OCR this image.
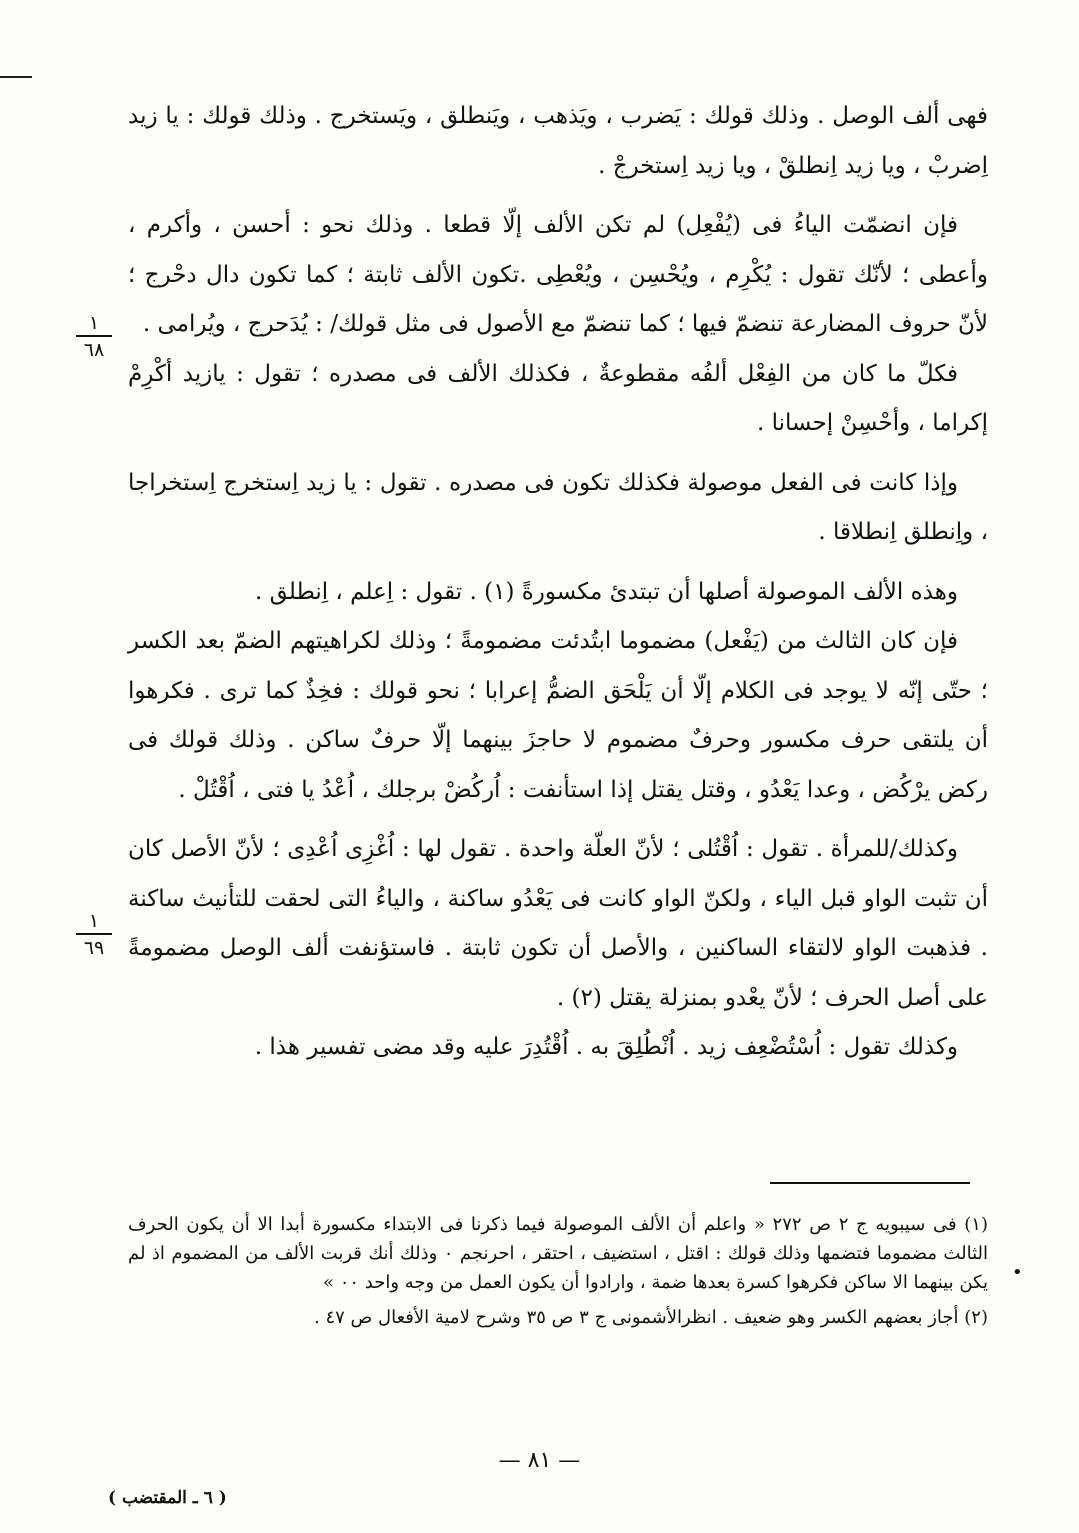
فهى ألف الوصل . وذلك قولك : يَضرب ، ويَذهب ، ويَنطلق ، ويَستخرج . وذلك قولك : يا زيد اِضربْ ، ويا زيد اِنطلقْ ، ويا زيد اِستخرجْ .

فإن انضمّت الياءُ فى (يُفْعِل) لم تكن الألف إلّا قطعا . وذلك نحو : أحسن ، وأكرم ، وأعطى ؛ لأنّك تقول : يُكْرِم ، ويُحْسِن ، ويُعْطِى .تكون الألف ثابتة ؛ كما تكون دال دحْرج ؛ لأنّ حروف المضارعة تنضمّ فيها ؛ كما تنضمّ مع الأصول فى مثل قولك/ : يُدَحرج ، ويُرامى .

فكلّ ما كان من الفِعْل ألفُه مقطوعةٌ ، فكذلك الألف فى مصدره ؛ تقول : يازيد أكْرِمْ إكراما ، وأحْسِنْ إحسانا .

وإذا كانت فى الفعل موصولة فكذلك تكون فى مصدره . تقول : يا زيد اِستخرج اِستخراجا ، واِنطلق اِنطلاقا .

وهذه الألف الموصولة أصلها أن تبتدئ مكسورةً (١) . تقول : اِعلم ، اِنطلق .

فإن كان الثالث من (يَفْعل) مضموما ابتُدئت مضمومةً ؛ وذلك لكراهيتهم الضمّ بعد الكسر ؛ حتّى إنّه لا يوجد فى الكلام إلّا أن يَلْحَق الضمُّ إعرابا ؛ نحو قولك : فخِذٌ كما ترى . فكرهوا أن يلتقى حرف مكسور وحرفٌ مضموم لا حاجزَ بينهما إلّا حرفٌ ساكن . وذلك قولك فى ركض يرْكُض ، وعدا يَعْدُو ، وقتل يقتل إذا استأنفت : اُركُضْ برجلك ، اُعْدُ يا فتى ، اُقْتُلْ .

وكذلك/للمرأة . تقول : اُقْتُلى ؛ لأنّ العلّة واحدة . تقول لها : اُغْزِى اُعْدِى ؛ لأنّ الأصل كان أن تثبت الواو قبل الياء ، ولكنّ الواو كانت فى يَعْدُو ساكنة ، والياءُ التى لحقت للتأنيث ساكنة . فذهبت الواو لالتقاء الساكنين ، والأصل أن تكون ثابتة . فاستؤنفت ألف الوصل مضمومةً على أصل الحرف ؛ لأنّ يعْدو بمنزلة يقتل (٢) .

وكذلك تقول : اُسْتُضْعِف زيد . اُنْطُلِقَ به . اُقْتُدِرَ عليه وقد مضى تفسير هذا .

١
٦٨
١
٦٩

(١) فى سيبويه ج ٢ ص ٢٧٢ « واعلم أن الألف الموصولة فيما ذكرنا فى الابتداء مكسورة أبدا الا أن يكون الحرف الثالث مضموما فتضمها وذلك قولك : اقتل ، استضيف ، احتقر ، احرنجم ٠ وذلك أنك قربت الألف من المضموم اذ لم يكن بينهما الا ساكن فكرهوا كسرة بعدها ضمة ، وارادوا أن يكون العمل من وجه واحد ٠٠ »

(٢) أجاز بعضهم الكسر وهو ضعيف . انظرالأشمونى ج ٣ ص ٣٥ وشرح لامية الأفعال ص ٤٧ .

•
— ٨١ —
( ٦ ـ المقتضب )
